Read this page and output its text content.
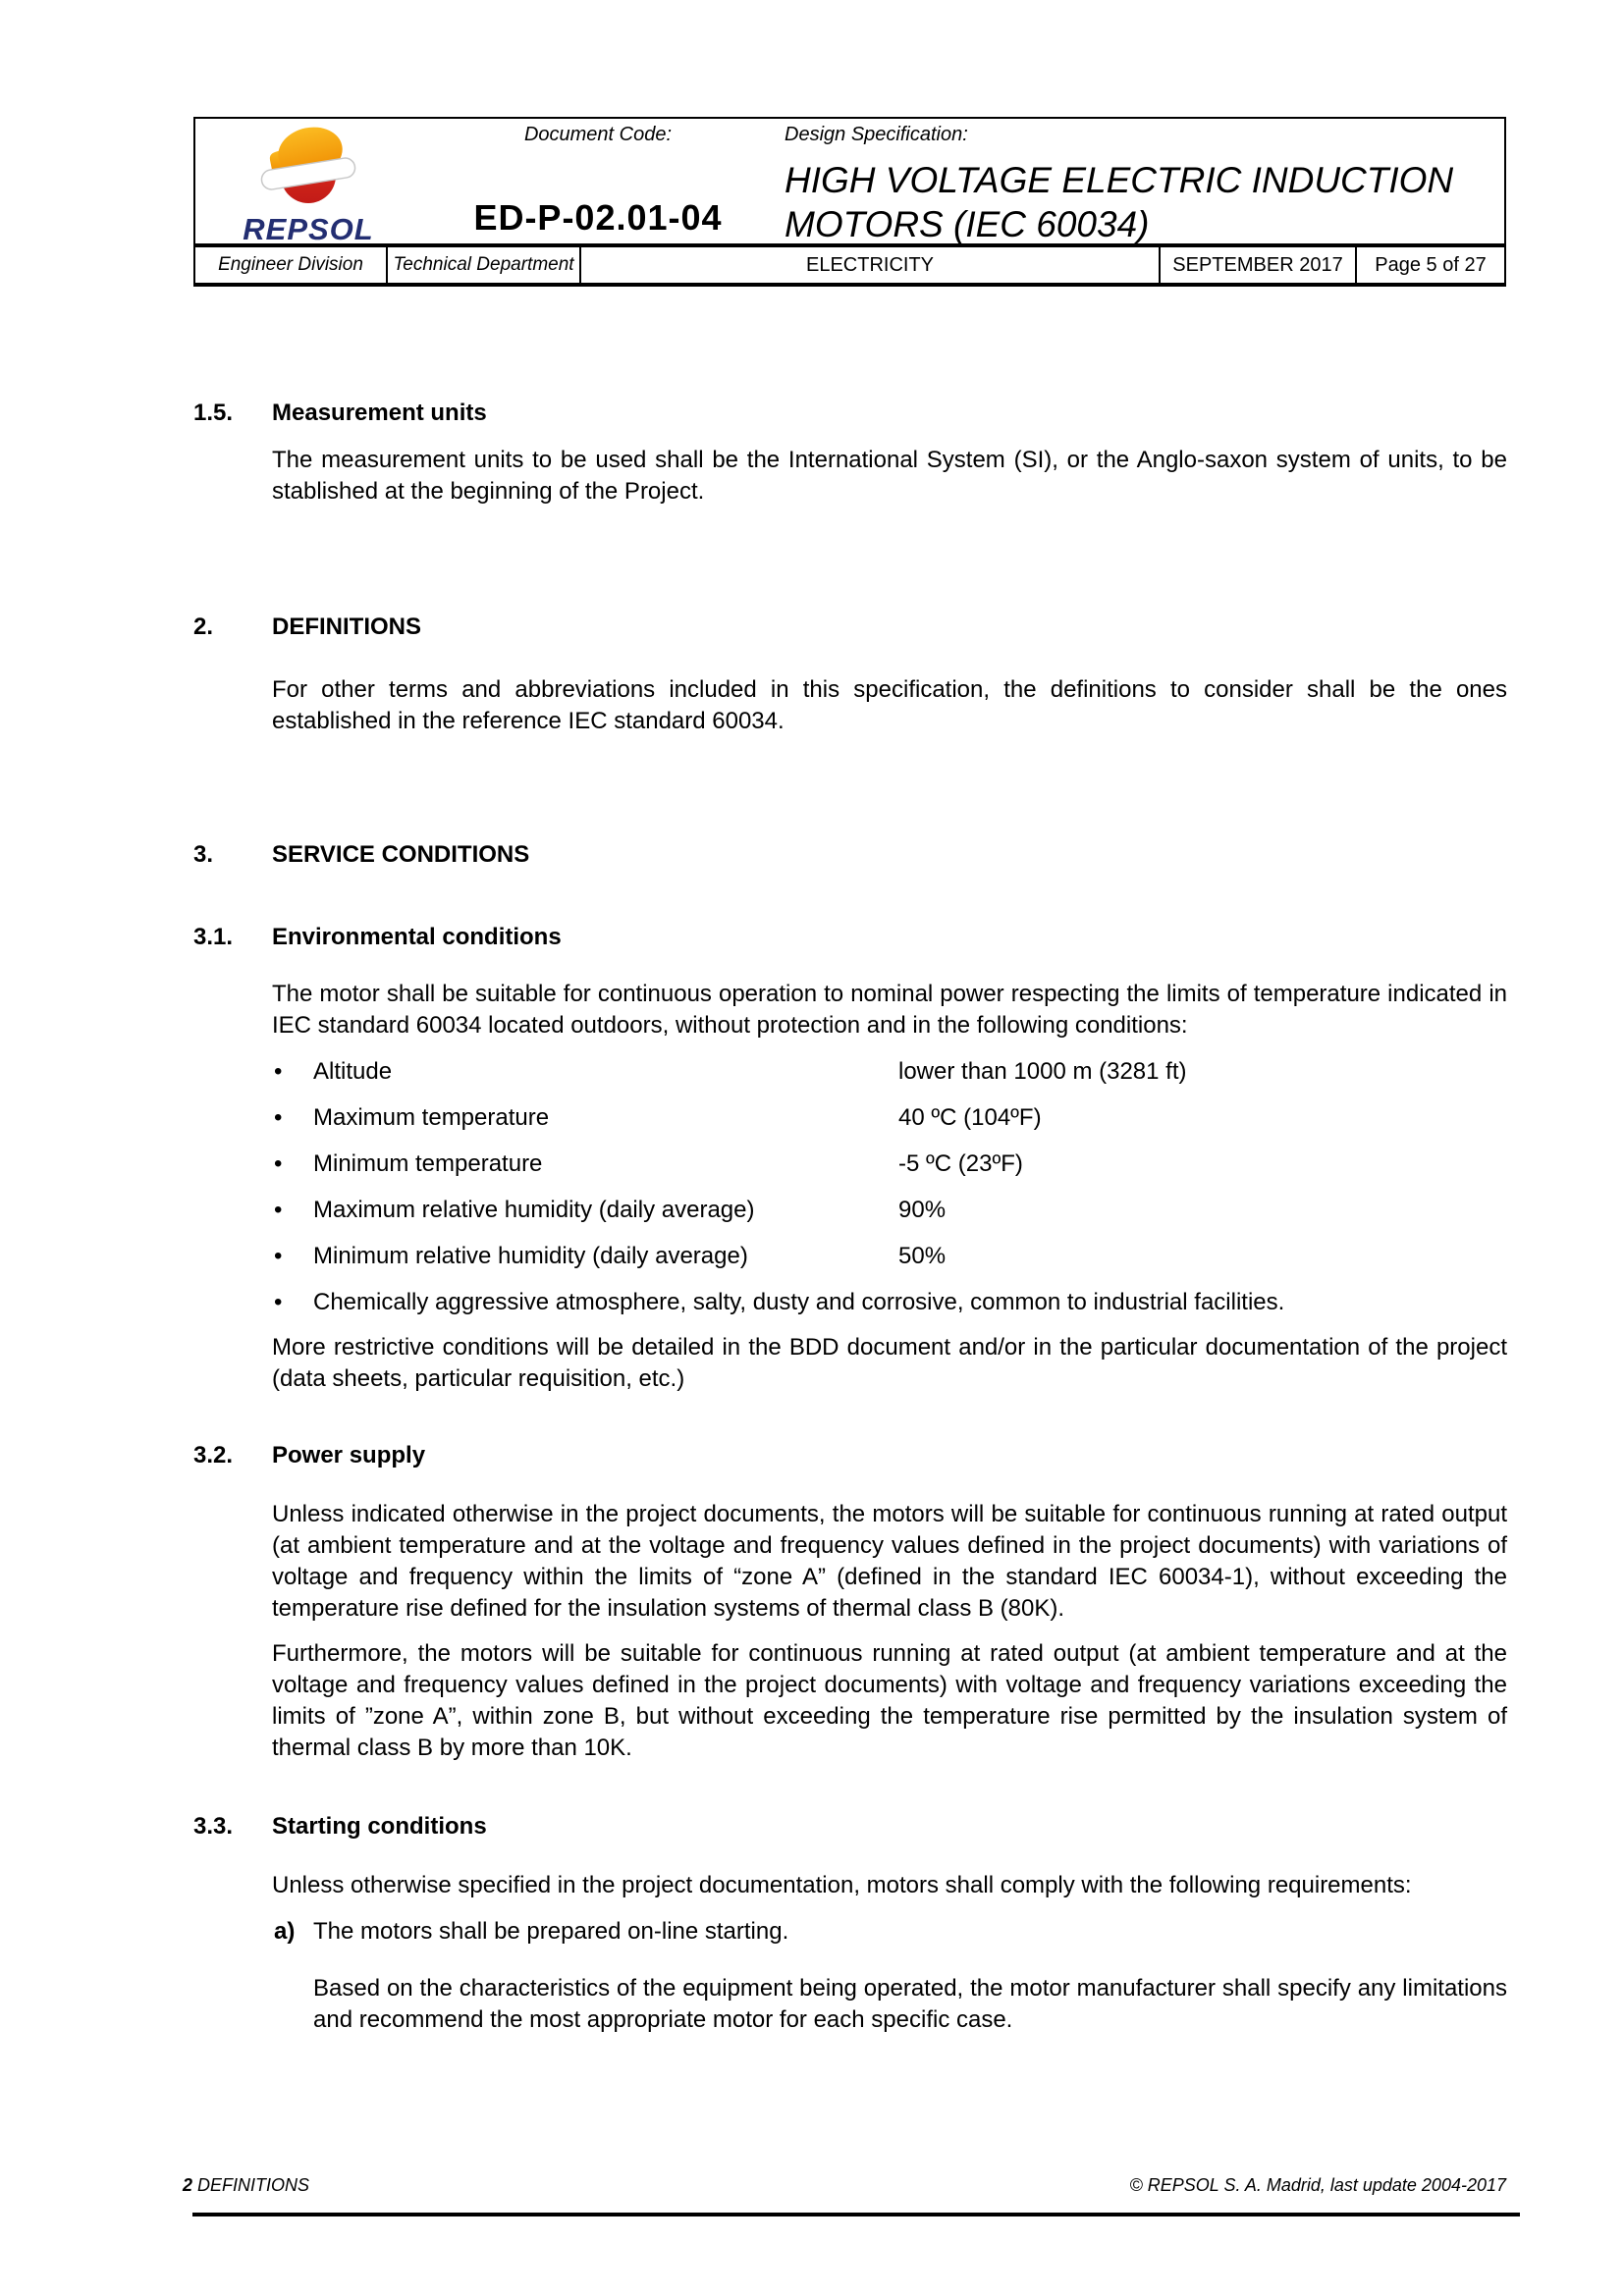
REPSOL
Document Code:
ED-P-02.01-04
Design Specification:
HIGH VOLTAGE ELECTRIC INDUCTION
MOTORS (IEC 60034)
Engineer Division	Technical Department	ELECTRICITY	SEPTEMBER 2017	Page 5 of 27
1.5.	Measurement units

The measurement units to be used shall be the International System (SI), or the Anglo-saxon system of units, to be stablished at the beginning of the Project.

2.	DEFINITIONS

For other terms and abbreviations included in this specification, the definitions to consider shall be the ones established in the reference IEC standard 60034.

3.	SERVICE CONDITIONS
3.1.	Environmental conditions

The motor shall be suitable for continuous operation to nominal power respecting the limits of temperature indicated in IEC standard 60034 located outdoors, without protection and in the following conditions:

•	Altitude	lower than 1000 m (3281 ft)
•	Maximum temperature	40 ºC (104ºF)
•	Minimum temperature	-5 ºC (23ºF)
•	Maximum relative humidity (daily average)	90%
•	Minimum relative humidity (daily average)	50%
•	Chemically aggressive atmosphere, salty, dusty and corrosive, common to industrial facilities.

More restrictive conditions will be detailed in the BDD document and/or in the particular documentation of the project (data sheets, particular requisition, etc.)

3.2.	Power supply

Unless indicated otherwise in the project documents, the motors will be suitable for continuous running at rated output (at ambient temperature and at the voltage and frequency values defined in the project documents) with variations of voltage and frequency within the limits of “zone A” (defined in the standard IEC 60034-1), without exceeding the temperature rise defined for the insulation systems of thermal class B (80K).

Furthermore, the motors will be suitable for continuous running at rated output (at ambient temperature and at the voltage and frequency values defined in the project documents) with voltage and frequency variations exceeding the limits of ”zone A”, within zone B, but without exceeding the temperature rise permitted by the insulation system of thermal class B by more than 10K.

3.3.	Starting conditions

Unless otherwise specified in the project documentation, motors shall comply with the following requirements:

a) The motors shall be prepared on-line starting.

Based on the characteristics of the equipment being operated, the motor manufacturer shall specify any limitations and recommend the most appropriate motor for each specific case.

2 DEFINITIONS	© REPSOL S. A. Madrid, last update 2004-2017
